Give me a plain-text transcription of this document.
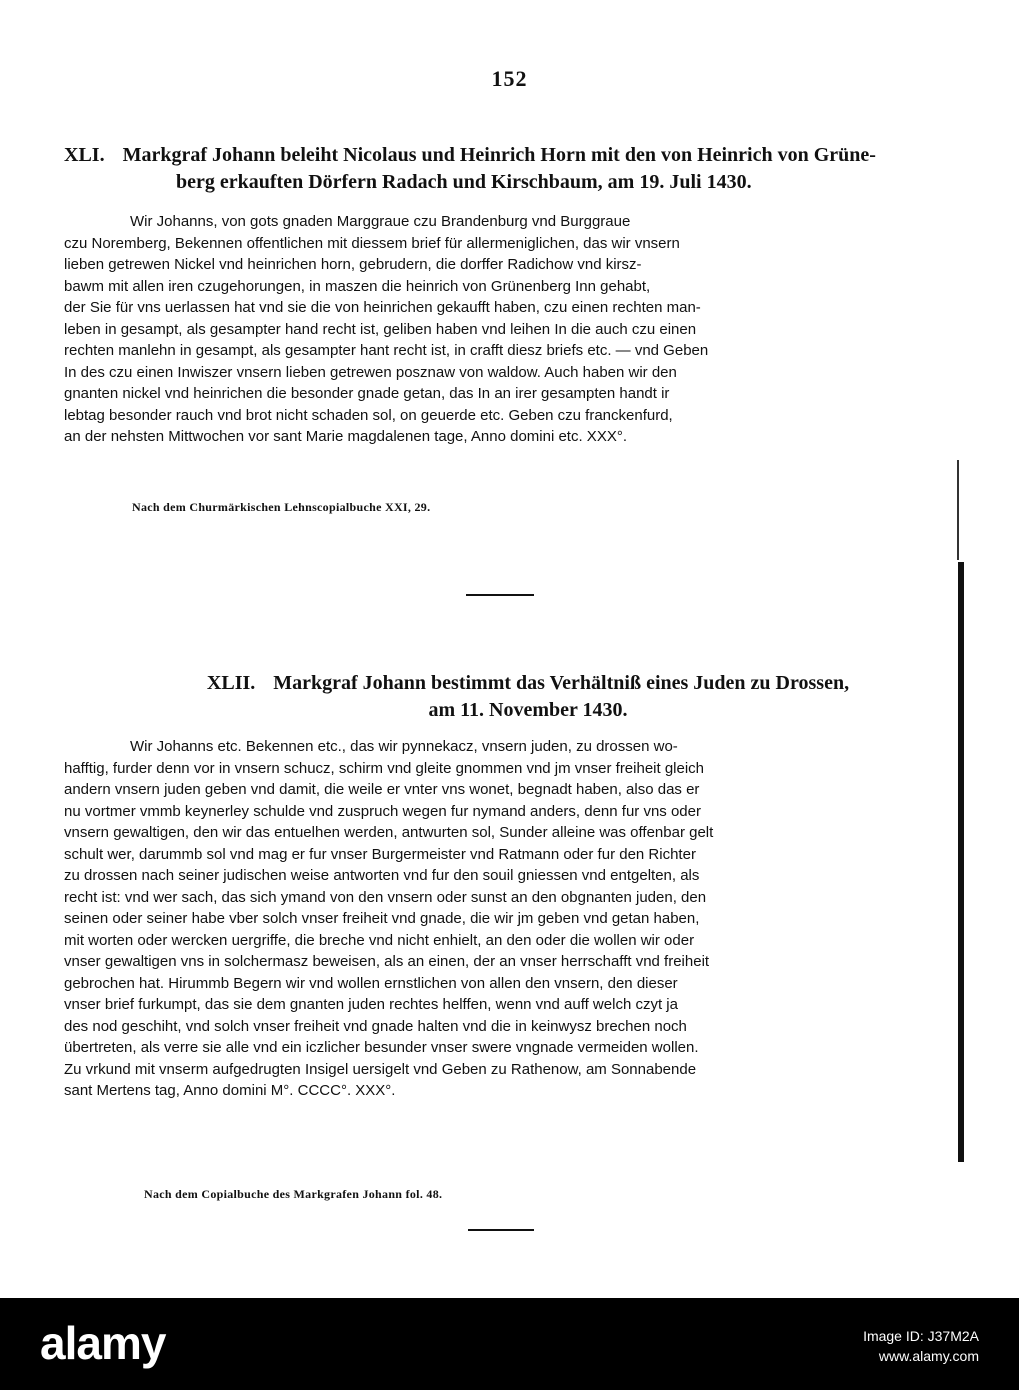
152
XLI. Markgraf Johann beleiht Nicolaus und Heinrich Horn mit den von Heinrich von Grüne-
berg erkauften Dörfern Radach und Kirschbaum, am 19. Juli 1430.
Wir Johanns, von gots gnaden Marggraue czu Brandenburg vnd Burggraue
czu Noremberg, Bekennen offentlichen mit diessem brief für allermeniglichen, das wir vnsern
lieben getrewen Nickel vnd heinrichen horn, gebrudern, die dorffer Radichow vnd kirsz-
bawm mit allen iren czugehorungen, in maszen die heinrich von Grünenberg Inn gehabt,
der Sie für vns uerlassen hat vnd sie die von heinrichen gekaufft haben, czu einen rechten man-
leben in gesampt, als gesampter hand recht ist, geliben haben vnd leihen In die auch czu einen
rechten manlehn in gesampt, als gesampter hant recht ist, in crafft diesz briefs etc. — vnd Geben
In des czu einen Inwiszer vnsern lieben getrewen posznaw von waldow. Auch haben wir den
gnanten nickel vnd heinrichen die besonder gnade getan, das In an irer gesampten handt ir
lebtag besonder rauch vnd brot nicht schaden sol, on geuerde etc. Geben czu franckenfurd,
an der nehsten Mittwochen vor sant Marie magdalenen tage, Anno domini etc. XXX°.
Nach dem Churmärkischen Lehnscopialbuche XXI, 29.
XLII. Markgraf Johann bestimmt das Verhältniß eines Juden zu Drossen,
am 11. November 1430.
Wir Johanns etc. Bekennen etc., das wir pynnekacz, vnsern juden, zu drossen wo-
hafftig, furder denn vor in vnsern schucz, schirm vnd gleite gnommen vnd jm vnser freiheit gleich
andern vnsern juden geben vnd damit, die weile er vnter vns wonet, begnadt haben, also das er
nu vortmer vmmb keynerley schulde vnd zuspruch wegen fur nymand anders, denn fur vns oder
vnsern gewaltigen, den wir das entuelhen werden, antwurten sol, Sunder alleine was offenbar gelt
schult wer, darummb sol vnd mag er fur vnser Burgermeister vnd Ratmann oder fur den Richter
zu drossen nach seiner judischen weise antworten vnd fur den souil gniessen vnd entgelten, als
recht ist: vnd wer sach, das sich ymand von den vnsern oder sunst an den obgnanten juden, den
seinen oder seiner habe vber solch vnser freiheit vnd gnade, die wir jm geben vnd getan haben,
mit worten oder wercken uergriffe, die breche vnd nicht enhielt, an den oder die wollen wir oder
vnser gewaltigen vns in solchermasz beweisen, als an einen, der an vnser herrschafft vnd freiheit
gebrochen hat. Hirummb Begern wir vnd wollen ernstlichen von allen den vnsern, den dieser
vnser brief furkumpt, das sie dem gnanten juden rechtes helffen, wenn vnd auff welch czyt ja
des nod geschiht, vnd solch vnser freiheit vnd gnade halten vnd die in keinwysz brechen noch
übertreten, als verre sie alle vnd ein iczlicher besunder vnser swere vngnade vermeiden wollen.
Zu vrkund mit vnserm aufgedrugten Insigel uersigelt vnd Geben zu Rathenow, am Sonnabende
sant Mertens tag, Anno domini M°. CCCC°. XXX°.
Nach dem Copialbuche des Markgrafen Johann fol. 48.
alamy	Image ID: J37M2A
www.alamy.com
